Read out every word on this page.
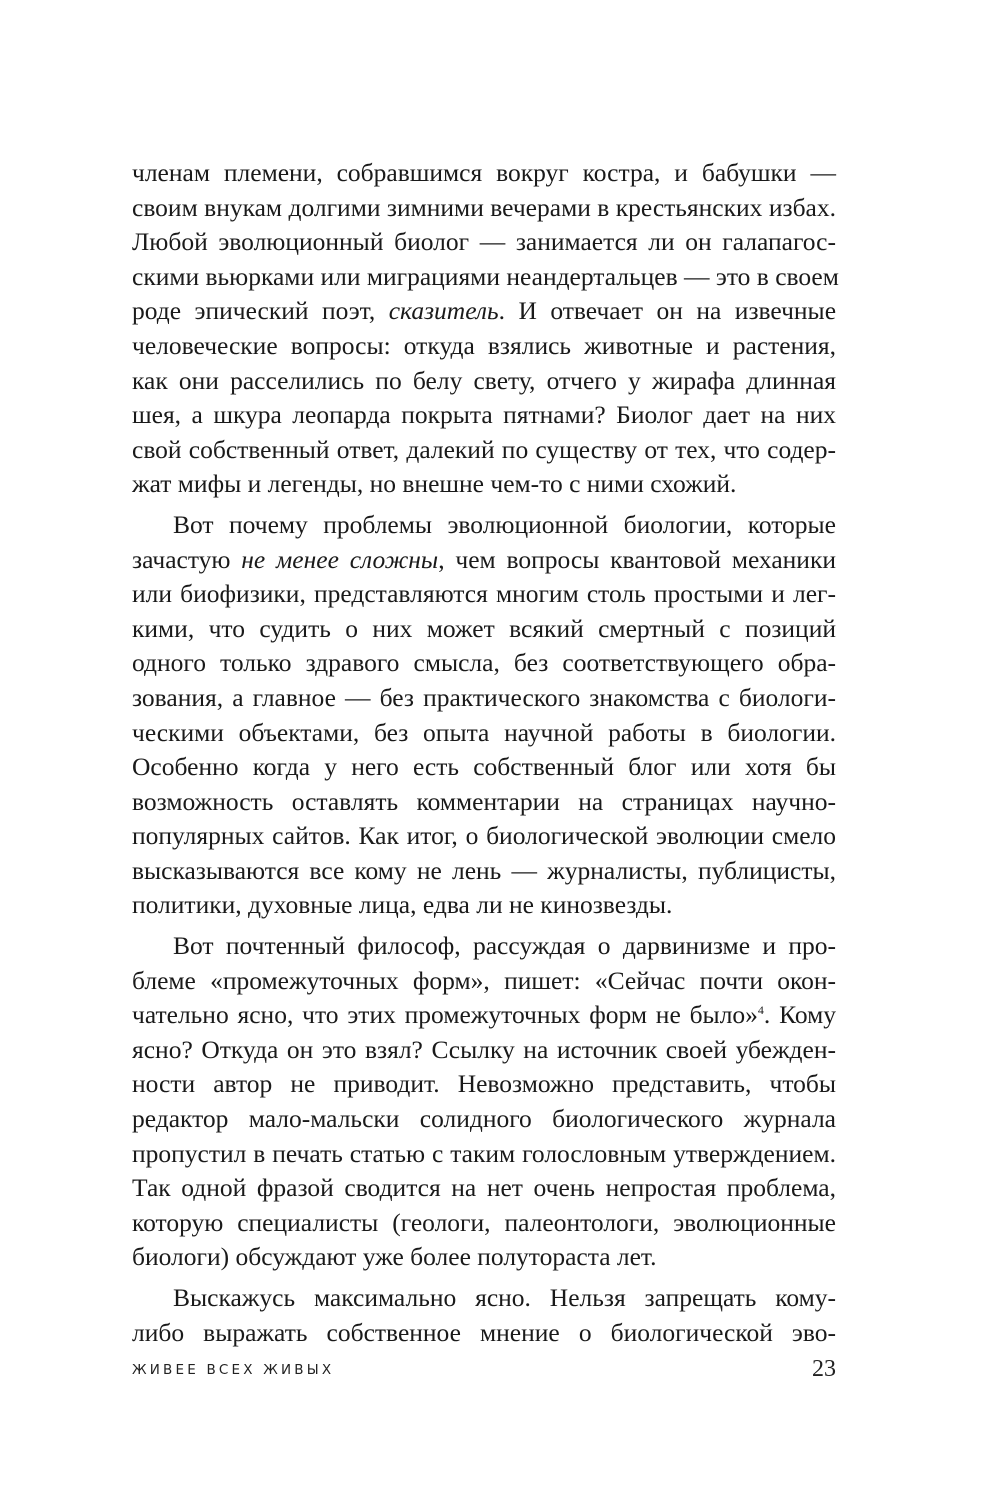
членам племени, собравшимся вокруг костра, и бабушки —
своим внукам долгими зимними вечерами в крестьянских избах.
Любой эволюционный биолог — занимается ли он галапагос-
скими вьюрками или миграциями неандертальцев — это в своем
роде эпический поэт, сказитель. И отвечает он на извечные
человеческие вопросы: откуда взялись животные и растения,
как они расселились по белу свету, отчего у жирафа длинная
шея, а шкура леопарда покрыта пятнами? Биолог дает на них
свой собственный ответ, далекий по существу от тех, что содер-
жат мифы и легенды, но внешне чем-то с ними схожий.
Вот почему проблемы эволюционной биологии, которые
зачастую не менее сложны, чем вопросы квантовой механики
или биофизики, представляются многим столь простыми и лег-
кими, что судить о них может всякий смертный с позиций
одного только здравого смысла, без соответствующего обра-
зования, а главное — без практического знакомства с биологи-
ческими объектами, без опыта научной работы в биологии.
Особенно когда у него есть собственный блог или хотя бы
возможность оставлять комментарии на страницах научно-
популярных сайтов. Как итог, о биологической эволюции смело
высказываются все кому не лень — журналисты, публицисты,
политики, духовные лица, едва ли не кинозвезды.
Вот почтенный философ, рассуждая о дарвинизме и про-
блеме «промежуточных форм», пишет: «Сейчас почти окон-
чательно ясно, что этих промежуточных форм не было»$^4$. Кому
ясно? Откуда он это взял? Ссылку на источник своей убежден-
ности автор не приводит. Невозможно представить, чтобы
редактор мало-мальски солидного биологического журнала
пропустил в печать статью с таким голословным утверждением.
Так одной фразой сводится на нет очень непростая проблема,
которую специалисты (геологи, палеонтологи, эволюционные
биологи) обсуждают уже более полутораста лет.
Выскажусь максимально ясно. Нельзя запрещать кому-
либо выражать собственное мнение о биологической эво-
ЖИВЕЕ ВСЕХ ЖИВЫХ	23
